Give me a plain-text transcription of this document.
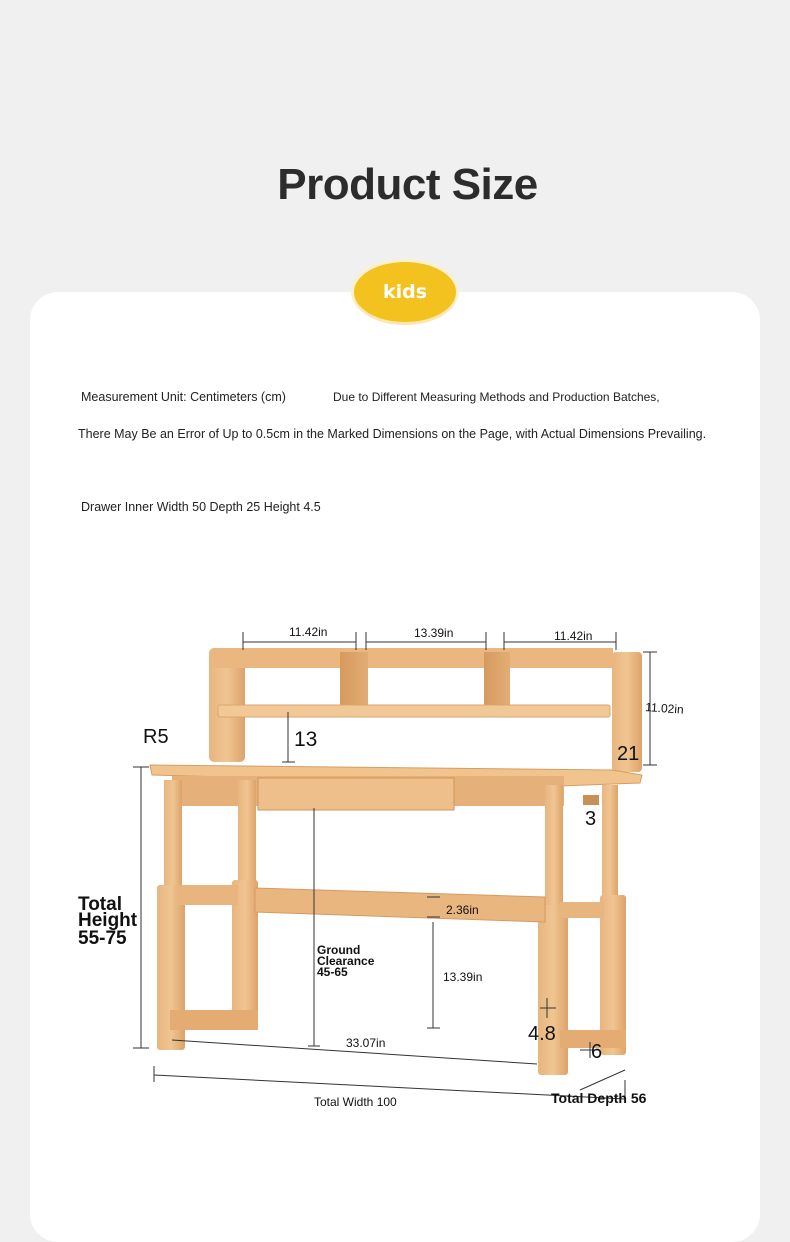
Product Size
kids
Measurement Unit: Centimeters (cm)	Due to Different Measuring Methods and Production Batches,
There May Be an Error of Up to 0.5cm in the Marked Dimensions on the Page, with Actual Dimensions Prevailing.
Drawer Inner Width 50 Depth 25 Height 4.5
11.42in	13.39in	11.42in
11.02in
13
R5
21
3
Total
Height
55-75
Ground
Clearance
45-65
2.36in
13.39in
33.07in	4.8
6
Total Width 100	Total Depth 56
